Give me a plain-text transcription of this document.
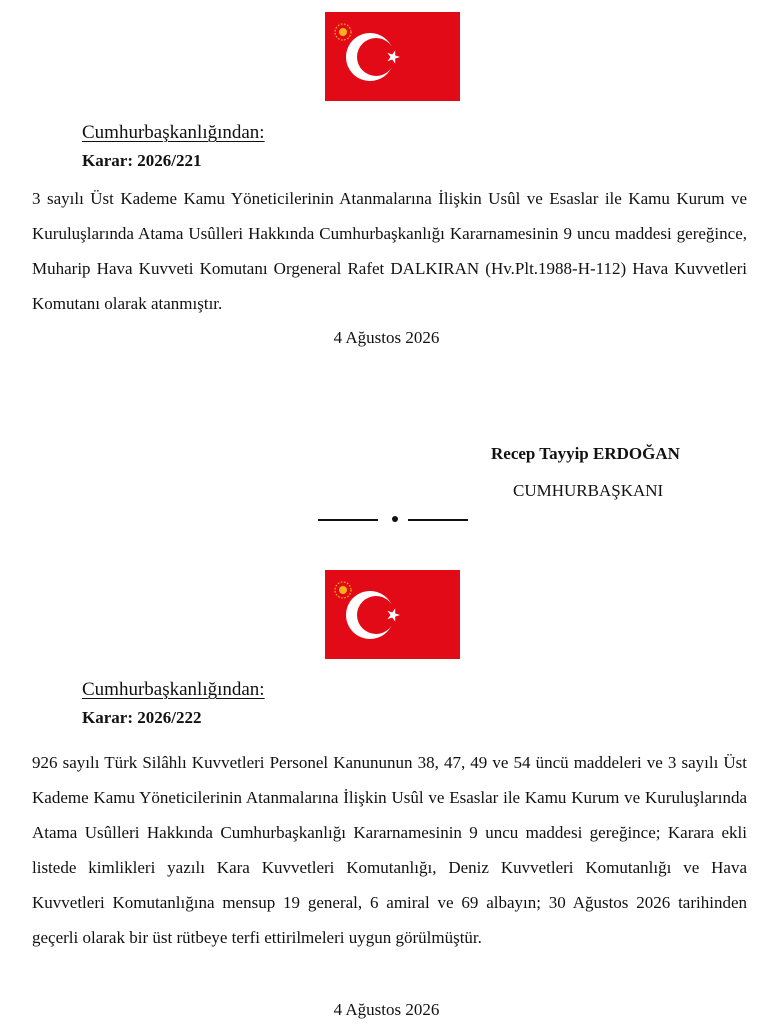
Cumhurbaşkanlığından:
Karar: 2026/221
3 sayılı Üst Kademe Kamu Yöneticilerinin Atanmalarına İlişkin Usûl ve Esaslar ile Kamu Kurum ve Kuruluşlarında Atama Usûlleri Hakkında Cumhurbaşkanlığı Kararnamesinin 9 uncu maddesi gereğince, Muharip Hava Kuvveti Komutanı Orgeneral Rafet DALKIRAN (Hv.Plt.1988-H-112) Hava Kuvvetleri Komutanı olarak atanmıştır.
4 Ağustos 2026
Recep Tayyip ERDOĞAN
CUMHURBAŞKANI
Cumhurbaşkanlığından:
Karar: 2026/222
926 sayılı Türk Silâhlı Kuvvetleri Personel Kanununun 38, 47, 49 ve 54 üncü maddeleri ve 3 sayılı Üst Kademe Kamu Yöneticilerinin Atanmalarına İlişkin Usûl ve Esaslar ile Kamu Kurum ve Kuruluşlarında Atama Usûlleri Hakkında Cumhurbaşkanlığı Kararnamesinin 9 uncu maddesi gereğince; Karara ekli listede kimlikleri yazılı Kara Kuvvetleri Komutanlığı, Deniz Kuvvetleri Komutanlığı ve Hava Kuvvetleri Komutanlığına mensup 19 general, 6 amiral ve 69 albayın; 30 Ağustos 2026 tarihinden geçerli olarak bir üst rütbeye terfi ettirilmeleri uygun görülmüştür.
4 Ağustos 2026
